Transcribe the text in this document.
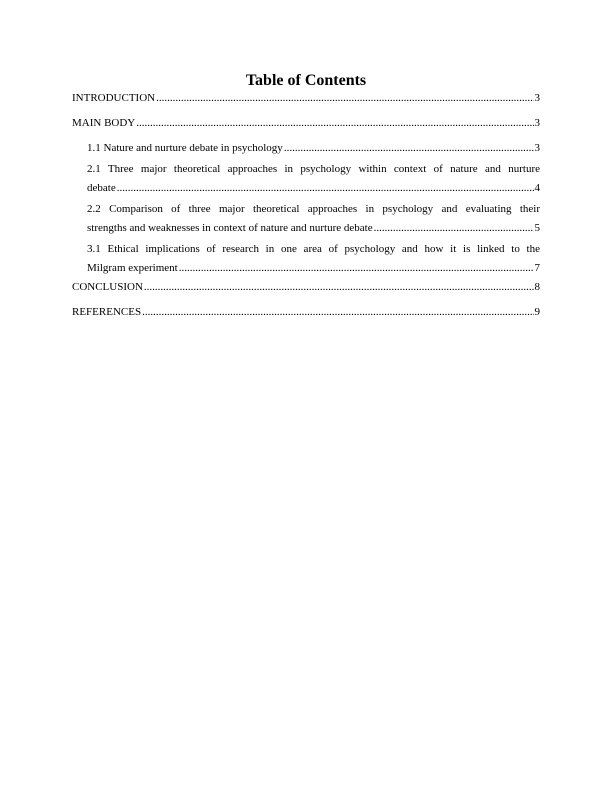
Table of Contents
INTRODUCTION .....	3
MAIN BODY .....	3
1.1 Nature and nurture debate in psychology .....	3
2.1 Three major theoretical approaches in psychology within context of nature and nurture
debate .....	4
2.2 Comparison of three major theoretical approaches in psychology and evaluating their
strengths and weaknesses in context of nature and nurture debate .....	5
3.1 Ethical implications of research in one area of psychology and how it is linked to the
Milgram experiment .....	7
CONCLUSION .....	8
REFERENCES .....	9
